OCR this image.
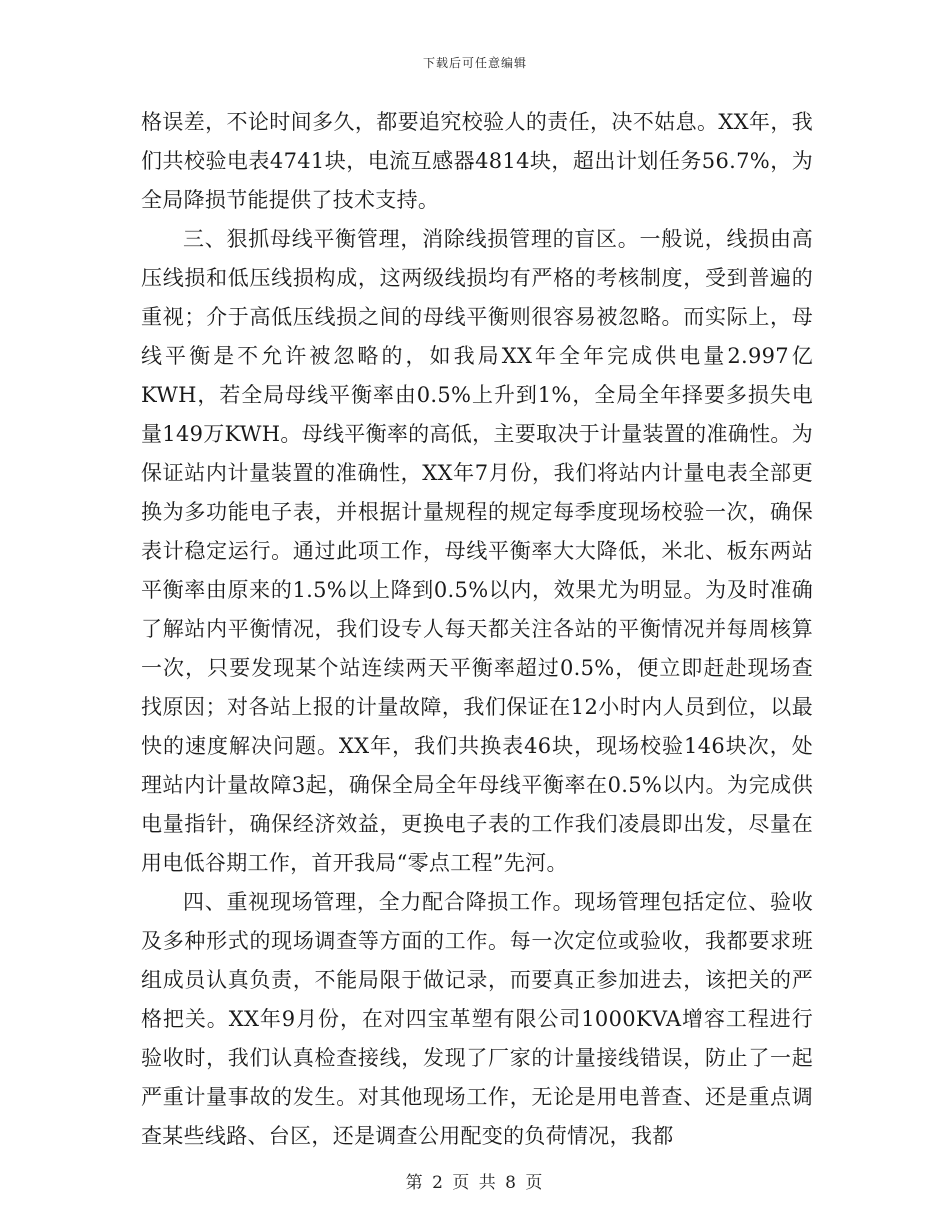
下载后可任意编辑

格误差，不论时间多久，都要追究校验人的责任，决不姑息。XX年，我们共校验电表4741块，电流互感器4814块，超出计划任务56.7%，为全局降损节能提供了技术支持。

三、狠抓母线平衡管理，消除线损管理的盲区。一般说，线损由高压线损和低压线损构成，这两级线损均有严格的考核制度，受到普遍的重视；介于高低压线损之间的母线平衡则很容易被忽略。而实际上，母线平衡是不允许被忽略的，如我局XX年全年完成供电量2.997亿KWH，若全局母线平衡率由0.5%上升到1%，全局全年择要多损失电量149万KWH。母线平衡率的高低，主要取决于计量装置的准确性。为保证站内计量装置的准确性，XX年7月份，我们将站内计量电表全部更换为多功能电子表，并根据计量规程的规定每季度现场校验一次，确保表计稳定运行。通过此项工作，母线平衡率大大降低，米北、板东两站平衡率由原来的1.5%以上降到0.5%以内，效果尤为明显。为及时准确了解站内平衡情况，我们设专人每天都关注各站的平衡情况并每周核算一次，只要发现某个站连续两天平衡率超过0.5%，便立即赶赴现场查找原因；对各站上报的计量故障，我们保证在12小时内人员到位，以最快的速度解决问题。XX年，我们共换表46块，现场校验146块次，处理站内计量故障3起，确保全局全年母线平衡率在0.5%以内。为完成供电量指针，确保经济效益，更换电子表的工作我们凌晨即出发，尽量在用电低谷期工作，首开我局“零点工程”先河。

四、重视现场管理，全力配合降损工作。现场管理包括定位、验收及多种形式的现场调查等方面的工作。每一次定位或验收，我都要求班组成员认真负责，不能局限于做记录，而要真正参加进去，该把关的严格把关。XX年9月份，在对四宝革塑有限公司1000KVA增容工程进行验收时，我们认真检查接线，发现了厂家的计量接线错误，防止了一起严重计量事故的发生。对其他现场工作，无论是用电普查、还是重点调查某些线路、台区，还是调查公用配变的负荷情况，我都

第 2 页 共 8 页
